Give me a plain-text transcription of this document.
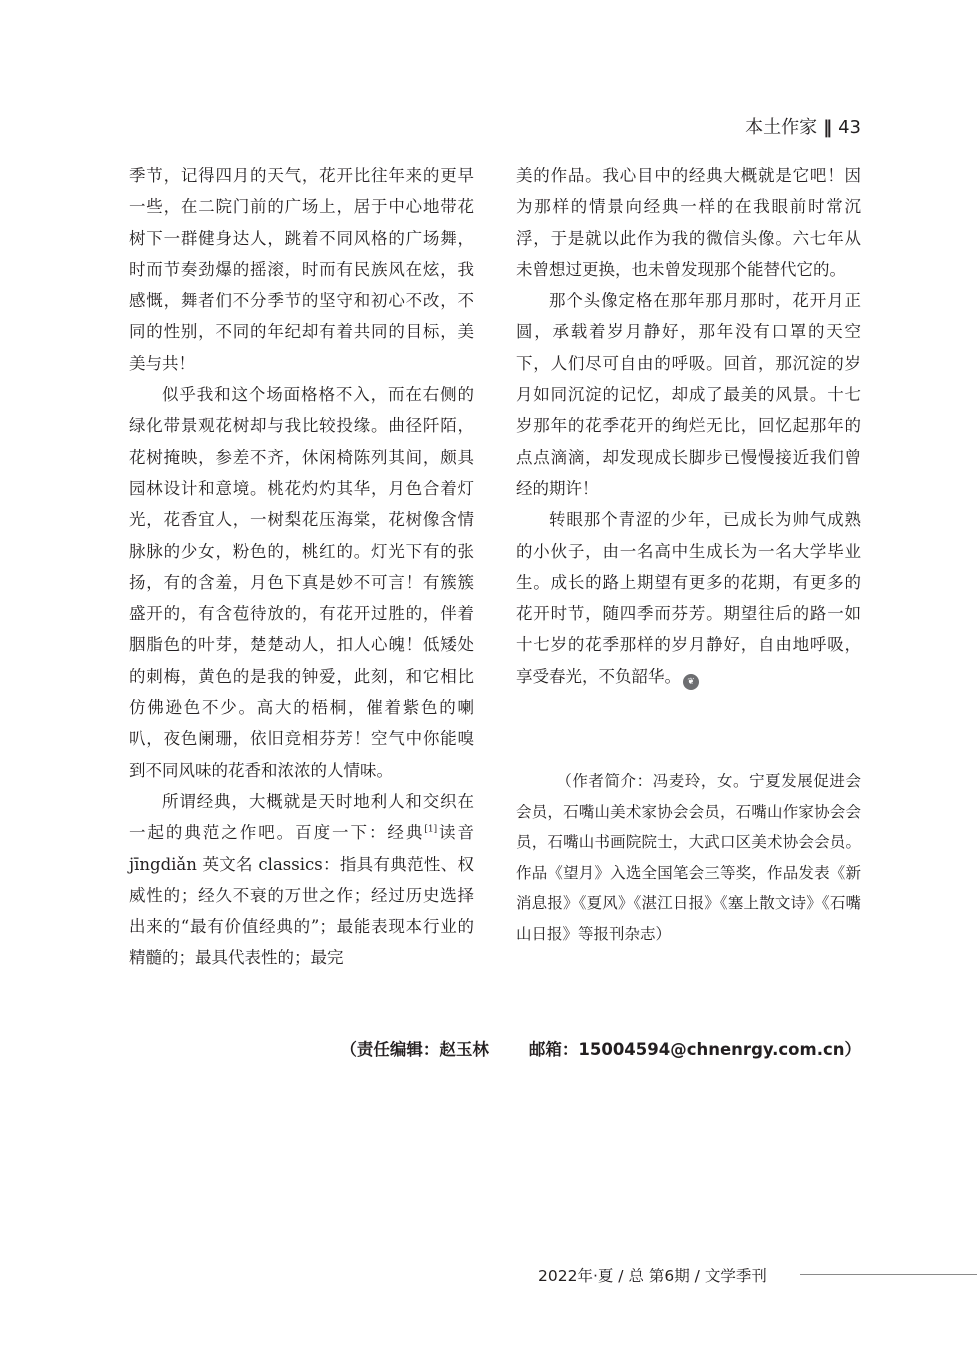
本土作家 ‖ 43

季节，记得四月的天气，花开比往年来的更早一些，在二院门前的广场上，居于中心地带花树下一群健身达人，跳着不同风格的广场舞，时而节奏劲爆的摇滚，时而有民族风在炫，我感慨，舞者们不分季节的坚守和初心不改，不同的性别，不同的年纪却有着共同的目标，美美与共！

似乎我和这个场面格格不入，而在右侧的绿化带景观花树却与我比较投缘。曲径阡陌，花树掩映，参差不齐，休闲椅陈列其间，颇具园林设计和意境。桃花灼灼其华，月色合着灯光，花香宜人，一树梨花压海棠，花树像含情脉脉的少女，粉色的，桃红的。灯光下有的张扬，有的含羞，月色下真是妙不可言！有簇簇盛开的，有含苞待放的，有花开过胜的，伴着胭脂色的叶芽，楚楚动人，扣人心魄！低矮处的刺梅，黄色的是我的钟爱，此刻，和它相比仿佛逊色不少。高大的梧桐，催着紫色的喇叭，夜色阑珊，依旧竞相芬芳！空气中你能嗅到不同风味的花香和浓浓的人情味。

所谓经典，大概就是天时地利人和交织在一起的典范之作吧。百度一下：经典[1]读音 jīngdiǎn 英文名 classics：指具有典范性、权威性的；经久不衰的万世之作；经过历史选择出来的“最有价值经典的”；最能表现本行业的精髓的；最具代表性的；最完

美的作品。我心目中的经典大概就是它吧！因为那样的情景向经典一样的在我眼前时常沉浮，于是就以此作为我的微信头像。六七年从未曾想过更换，也未曾发现那个能替代它的。

那个头像定格在那年那月那时，花开月正圆，承载着岁月静好，那年没有口罩的天空下，人们尽可自由的呼吸。回首，那沉淀的岁月如同沉淀的记忆，却成了最美的风景。十七岁那年的花季花开的绚烂无比，回忆起那年的点点滴滴，却发现成长脚步已慢慢接近我们曾经的期许！

转眼那个青涩的少年，已成长为帅气成熟的小伙子，由一名高中生成长为一名大学毕业生。成长的路上期望有更多的花期，有更多的花开时节，随四季而芬芳。期望往后的路一如十七岁的花季那样的岁月静好，自由地呼吸，享受春光，不负韶华。 ❦

（作者简介：冯麦玲，女。宁夏发展促进会会员，石嘴山美术家协会会员，石嘴山作家协会会员，石嘴山书画院院士，大武口区美术协会会员。作品《望月》入选全国笔会三等奖，作品发表《新消息报》《夏风》《湛江日报》《塞上散文诗》《石嘴山日报》等报刊杂志）

（责任编辑：赵玉林 邮箱：15004594@chnenrgy.com.cn）
2022年·夏 / 总 第6期 / 文学季刊
